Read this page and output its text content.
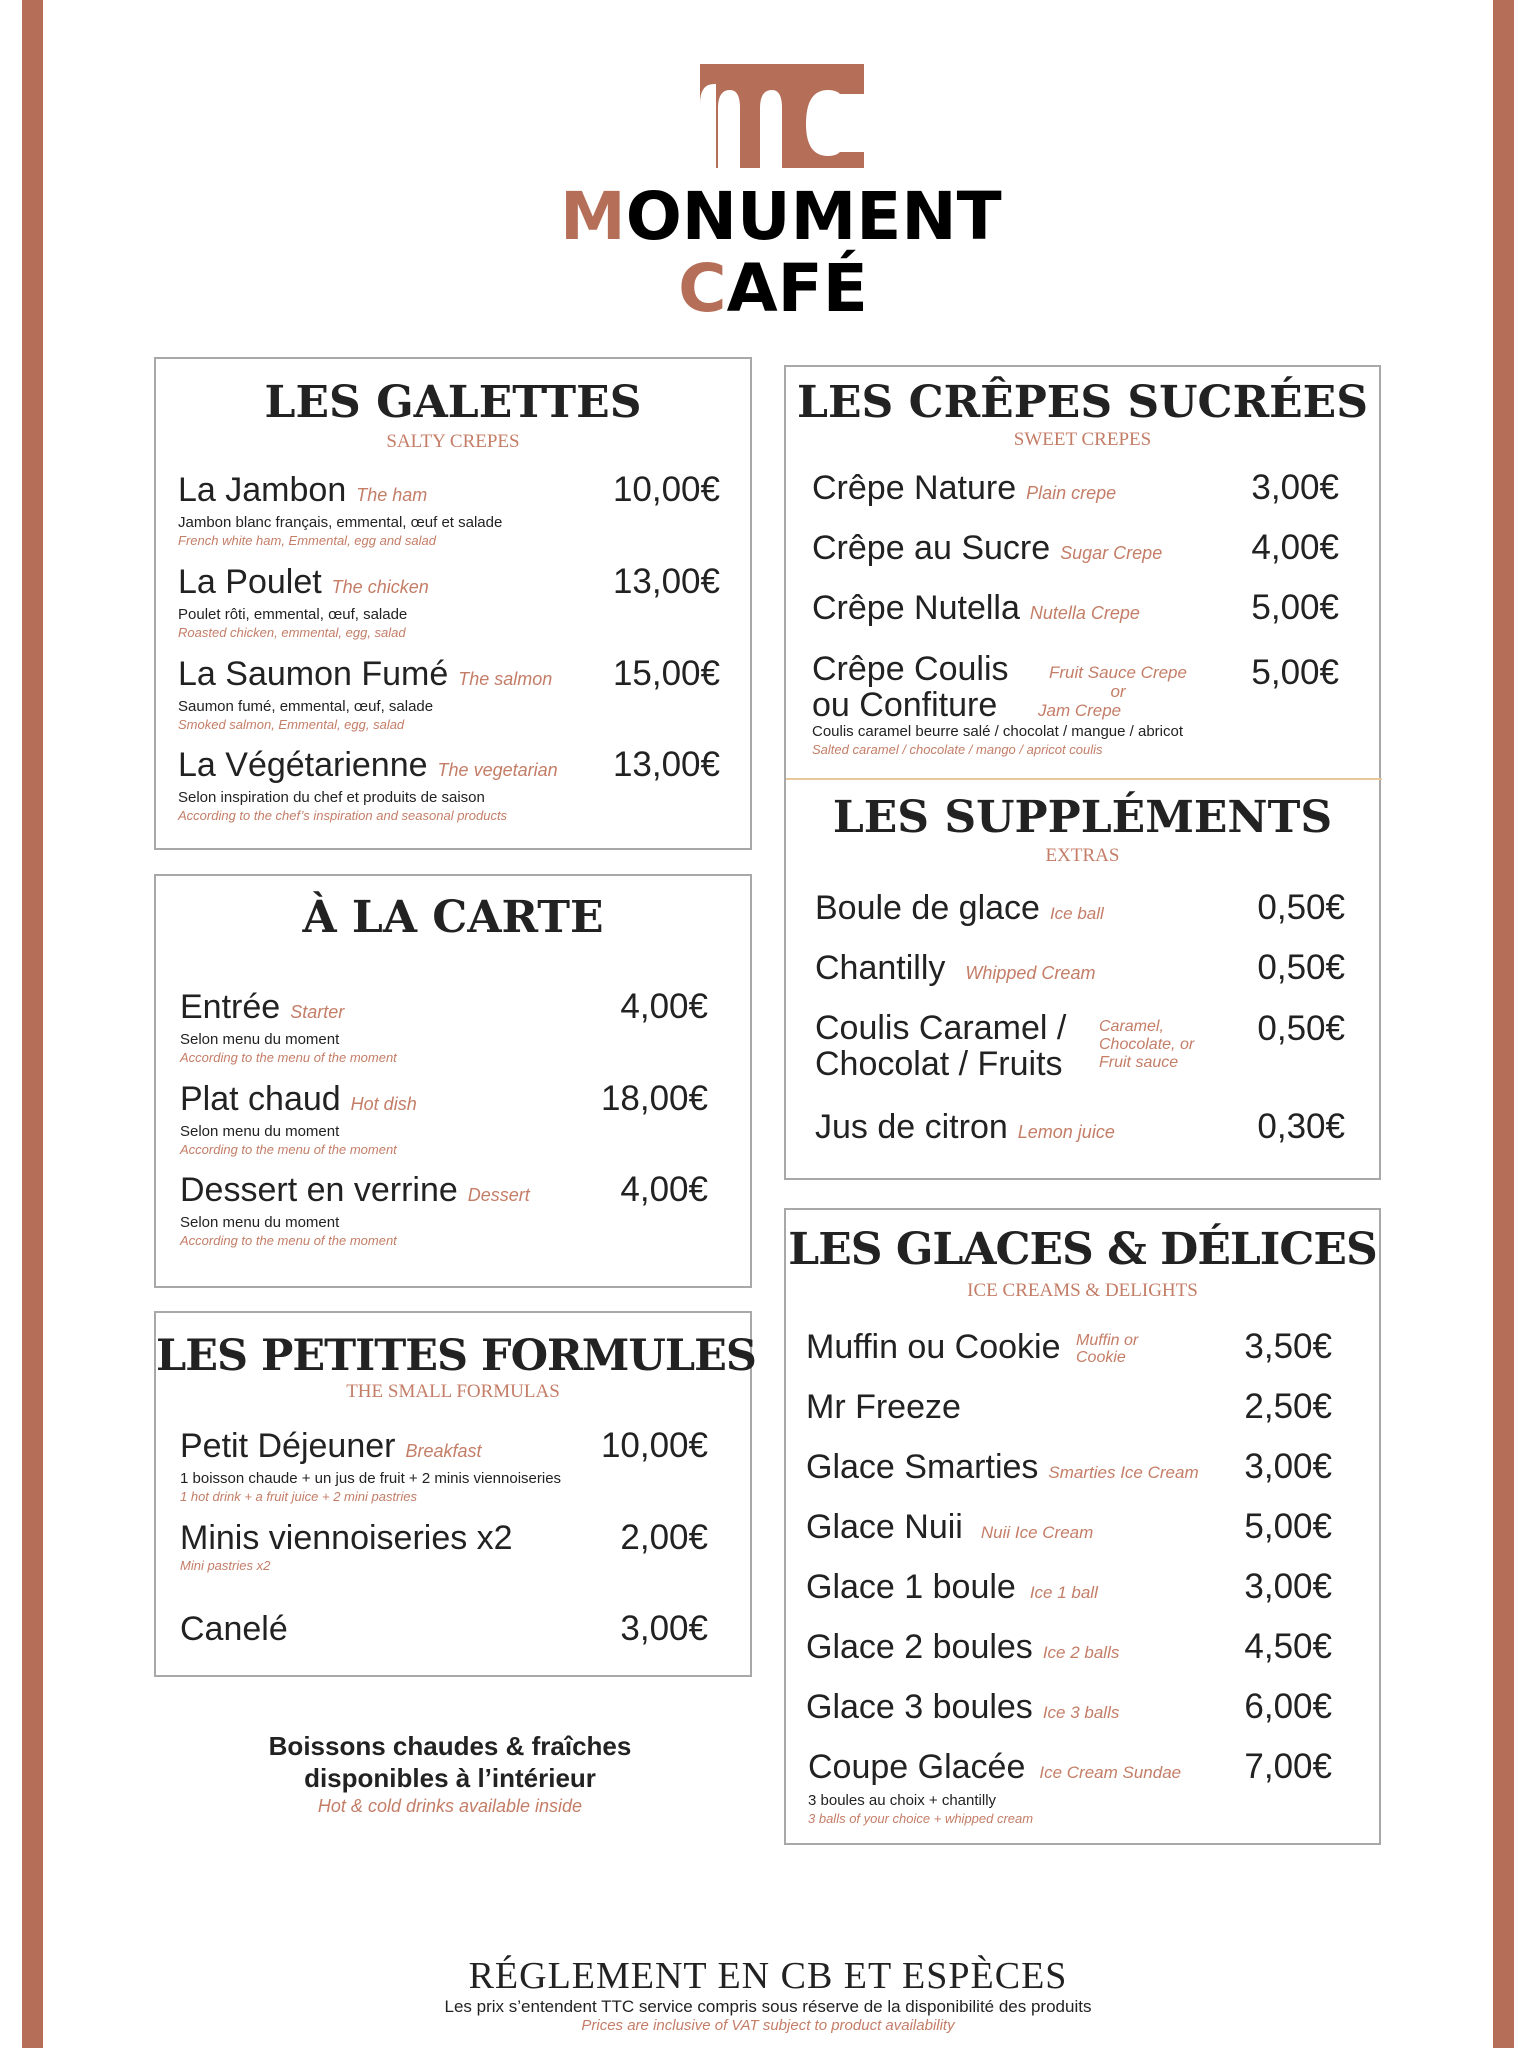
MONUMENT
CAFÉ
LES GALETTES
SALTY CREPES
La Jambon The ham
Jambon blanc français, emmental, œuf et salade
French white ham, Emmental, egg and salad
10,00€
La Poulet The chicken
Poulet rôti, emmental, œuf, salade
Roasted chicken, emmental, egg, salad
13,00€
La Saumon Fumé The salmon
Saumon fumé, emmental, œuf, salade
Smoked salmon, Emmental, egg, salad
15,00€
La Végétarienne The vegetarian
Selon inspiration du chef et produits de saison
According to the chef’s inspiration and seasonal products
13,00€
À LA CARTE
Entrée Starter
Selon menu du moment
According to the menu of the moment
4,00€
Plat chaud Hot dish
Selon menu du moment
According to the menu of the moment
18,00€
Dessert en verrine Dessert
Selon menu du moment
According to the menu of the moment
4,00€
LES PETITES FORMULES
THE SMALL FORMULAS
Petit Déjeuner Breakfast
1 boisson chaude + un jus de fruit + 2 minis viennoiseries
1 hot drink + a fruit juice + 2 mini pastries
10,00€
Minis viennoiseries x2
Mini pastries x2
2,00€
Canelé	3,00€
Boissons chaudes & fraîches
disponibles à l’intérieur
Hot & cold drinks available inside
LES CRÊPES SUCRÉES
SWEET CREPES
Crêpe Nature Plain crepe	3,00€
Crêpe au Sucre Sugar Crepe	4,00€
Crêpe Nutella Nutella Crepe	5,00€
Crêpe Coulis
ou Confiture
Coulis caramel beurre salé / chocolat / mangue / abricot
Salted caramel / chocolate / mango / apricot coulis
Fruit Sauce Crepe
or
Jam Crepe
5,00€
LES SUPPLÉMENTS
EXTRAS
Boule de glace Ice ball	0,50€
Chantilly Whipped Cream	0,50€
Coulis Caramel /
Chocolat / Fruits
Caramel,
Chocolate, or
Fruit sauce
0,50€
Jus de citron Lemon juice	0,30€
LES GLACES & DÉLICES
ICE CREAMS & DELIGHTS
Muffin ou Cookie Muffin or
Cookie	3,50€
Mr Freeze	2,50€
Glace Smarties Smarties Ice Cream 3,00€
Glace Nuii Nuii Ice Cream	5,00€
Glace 1 boule Ice 1 ball	3,00€
Glace 2 boules Ice 2 balls	4,50€
Glace 3 boules Ice 3 balls	6,00€
Coupe Glacée Ice Cream Sundae
3 boules au choix + chantilly
3 balls of your choice + whipped cream
7,00€
RÉGLEMENT EN CB ET ESPÈCES
Les prix s’entendent TTC service compris sous réserve de la disponibilité des produits
Prices are inclusive of VAT subject to product availability
